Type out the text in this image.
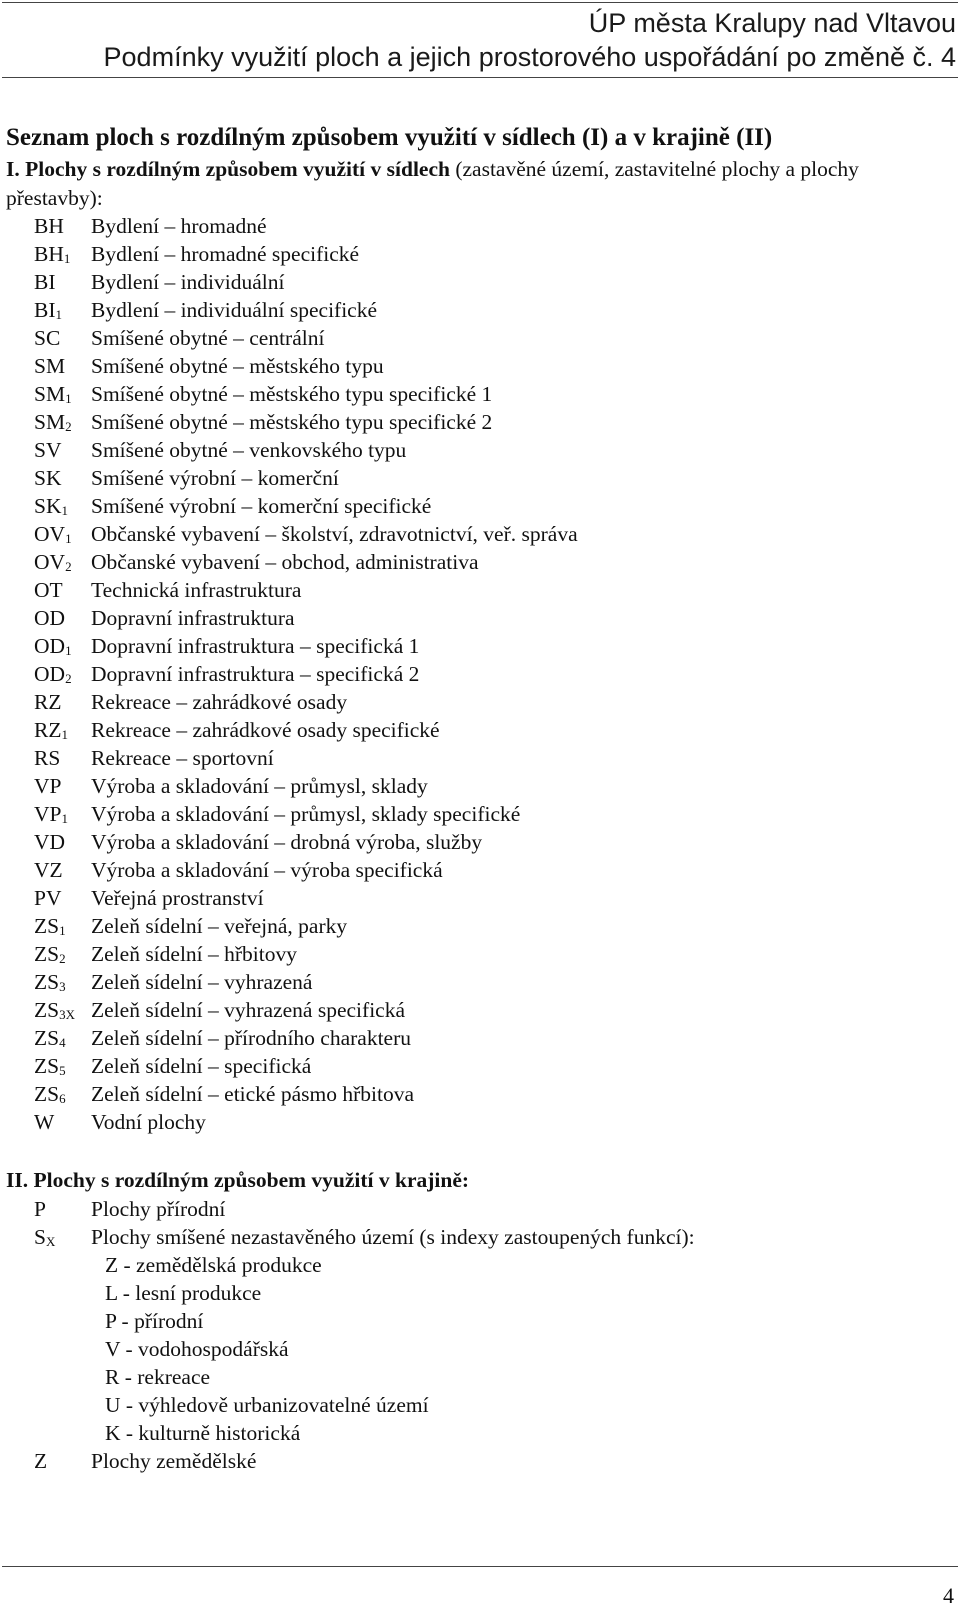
ÚP města Kralupy nad Vltavou
Podmínky využití ploch a jejich prostorového uspořádání po změně č. 4
Seznam ploch s rozdílným způsobem využití v sídlech (I) a v krajině (II)
I. Plochy s rozdílným způsobem využití v sídlech (zastavěné území, zastavitelné plochy a plochy přestavby):
BH Bydlení – hromadné
$BH_1$ Bydlení – hromadné specifické
BI Bydlení – individuální
$BI_1$ Bydlení – individuální specifické
SC Smíšené obytné – centrální
SM Smíšené obytné – městského typu
$SM_1$ Smíšené obytné – městského typu specifické 1
$SM_2$ Smíšené obytné – městského typu specifické 2
SV Smíšené obytné – venkovského typu
SK Smíšené výrobní – komerční
$SK_1$ Smíšené výrobní – komerční specifické
$OV_1$ Občanské vybavení – školství, zdravotnictví, veř. správa
$OV_2$ Občanské vybavení – obchod, administrativa
OT Technická infrastruktura
OD Dopravní infrastruktura
$OD_1$ Dopravní infrastruktura – specifická 1
$OD_2$ Dopravní infrastruktura – specifická 2
RZ Rekreace – zahrádkové osady
$RZ_1$ Rekreace – zahrádkové osady specifické
RS Rekreace – sportovní
VP Výroba a skladování – průmysl, sklady
$VP_1$ Výroba a skladování – průmysl, sklady specifické
VD Výroba a skladování – drobná výroba, služby
VZ Výroba a skladování – výroba specifická
PV Veřejná prostranství
$ZS_1$ Zeleň sídelní – veřejná, parky
$ZS_2$ Zeleň sídelní – hřbitovy
$ZS_3$ Zeleň sídelní – vyhrazená
$ZS_{3X}$ Zeleň sídelní – vyhrazená specifická
$ZS_4$ Zeleň sídelní – přírodního charakteru
$ZS_5$ Zeleň sídelní – specifická
$ZS_6$ Zeleň sídelní – etické pásmo hřbitova
W Vodní plochy
II. Plochy s rozdílným způsobem využití v krajině:
P Plochy přírodní
$S_X$ Plochy smíšené nezastavěného území (s indexy zastoupených funkcí):
Z - zemědělská produkce
L - lesní produkce
P - přírodní
V - vodohospodářská
R - rekreace
U - výhledově urbanizovatelné území
K - kulturně historická
Z Plochy zemědělské
4
